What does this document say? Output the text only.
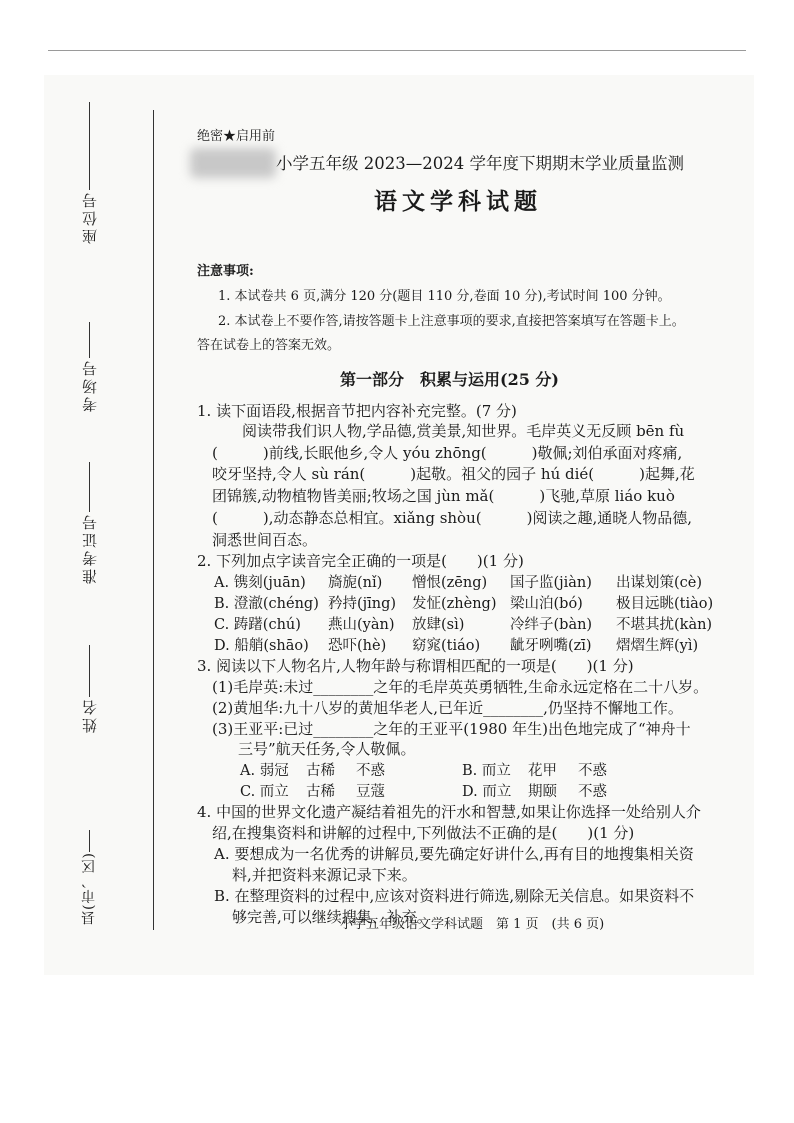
座位号
考场号
准考证号
姓名
县(市、区)
绝密★启用前
小学五年级 2023—2024 学年度下期期末学业质量监测
语文学科试题
注意事项:
1. 本试卷共 6 页,满分 120 分(题目 110 分,卷面 10 分),考试时间 100 分钟。
2. 本试卷上不要作答,请按答题卡上注意事项的要求,直接把答案填写在答题卡上。
答在试卷上的答案无效。
第一部分　积累与运用(25 分)
1. 读下面语段,根据音节把内容补充完整。(7 分)
阅读带我们识人物,学品德,赏美景,知世界。毛岸英义无反顾 bēn fù
(　　　)前线,长眠他乡,令人 yóu zhōng(　　　)敬佩;刘伯承面对疼痛,
咬牙坚持,令人 sù rán(　　　)起敬。祖父的园子 hú dié(　　　)起舞,花
团锦簇,动物植物皆美丽;牧场之国 jùn mǎ(　　　)飞驰,草原 liáo kuò
(　　　),动态静态总相宜。xiǎng shòu(　　　)阅读之趣,通晓人物品德,
洞悉世间百态。
2. 下列加点字读音完全正确的一项是(　　)(1 分)
A. 镌刻(juān) 旖旎(nǐ) 憎恨(zēng) 国子监(jiàn) 出谋划策(cè)
B. 澄澈(chéng) 矜持(jīng) 发怔(zhèng) 梁山泊(bó) 极目远眺(tiào)
C. 踌躇(chú) 燕山(yàn) 放肆(sì)	冷绊子(bàn) 不堪其扰(kàn)
D. 船艄(shāo) 恐吓(hè) 窈窕(tiáo) 龇牙咧嘴(zī) 熠熠生辉(yì)
3. 阅读以下人物名片,人物年龄与称谓相匹配的一项是(　　)(1 分)
(1)毛岸英:未过________之年的毛岸英英勇牺牲,生命永远定格在二十八岁。
(2)黄旭华:九十八岁的黄旭华老人,已年近________,仍坚持不懈地工作。
(3)王亚平:已过________之年的王亚平(1980 年生)出色地完成了“神舟十
三号”航天任务,令人敬佩。
A. 弱冠 古稀 不惑	B. 而立 花甲 不惑
C. 而立 古稀 豆蔻	D. 而立 期颐 不惑
4. 中国的世界文化遗产凝结着祖先的汗水和智慧,如果让你选择一处给别人介
绍,在搜集资料和讲解的过程中,下列做法不正确的是(　　)(1 分)
A. 要想成为一名优秀的讲解员,要先确定好讲什么,再有目的地搜集相关资
料,并把资料来源记录下来。
B. 在整理资料的过程中,应该对资料进行筛选,剔除无关信息。如果资料不
够完善,可以继续搜集、补充。
小学五年级语文学科试题　第 1 页　(共 6 页)
